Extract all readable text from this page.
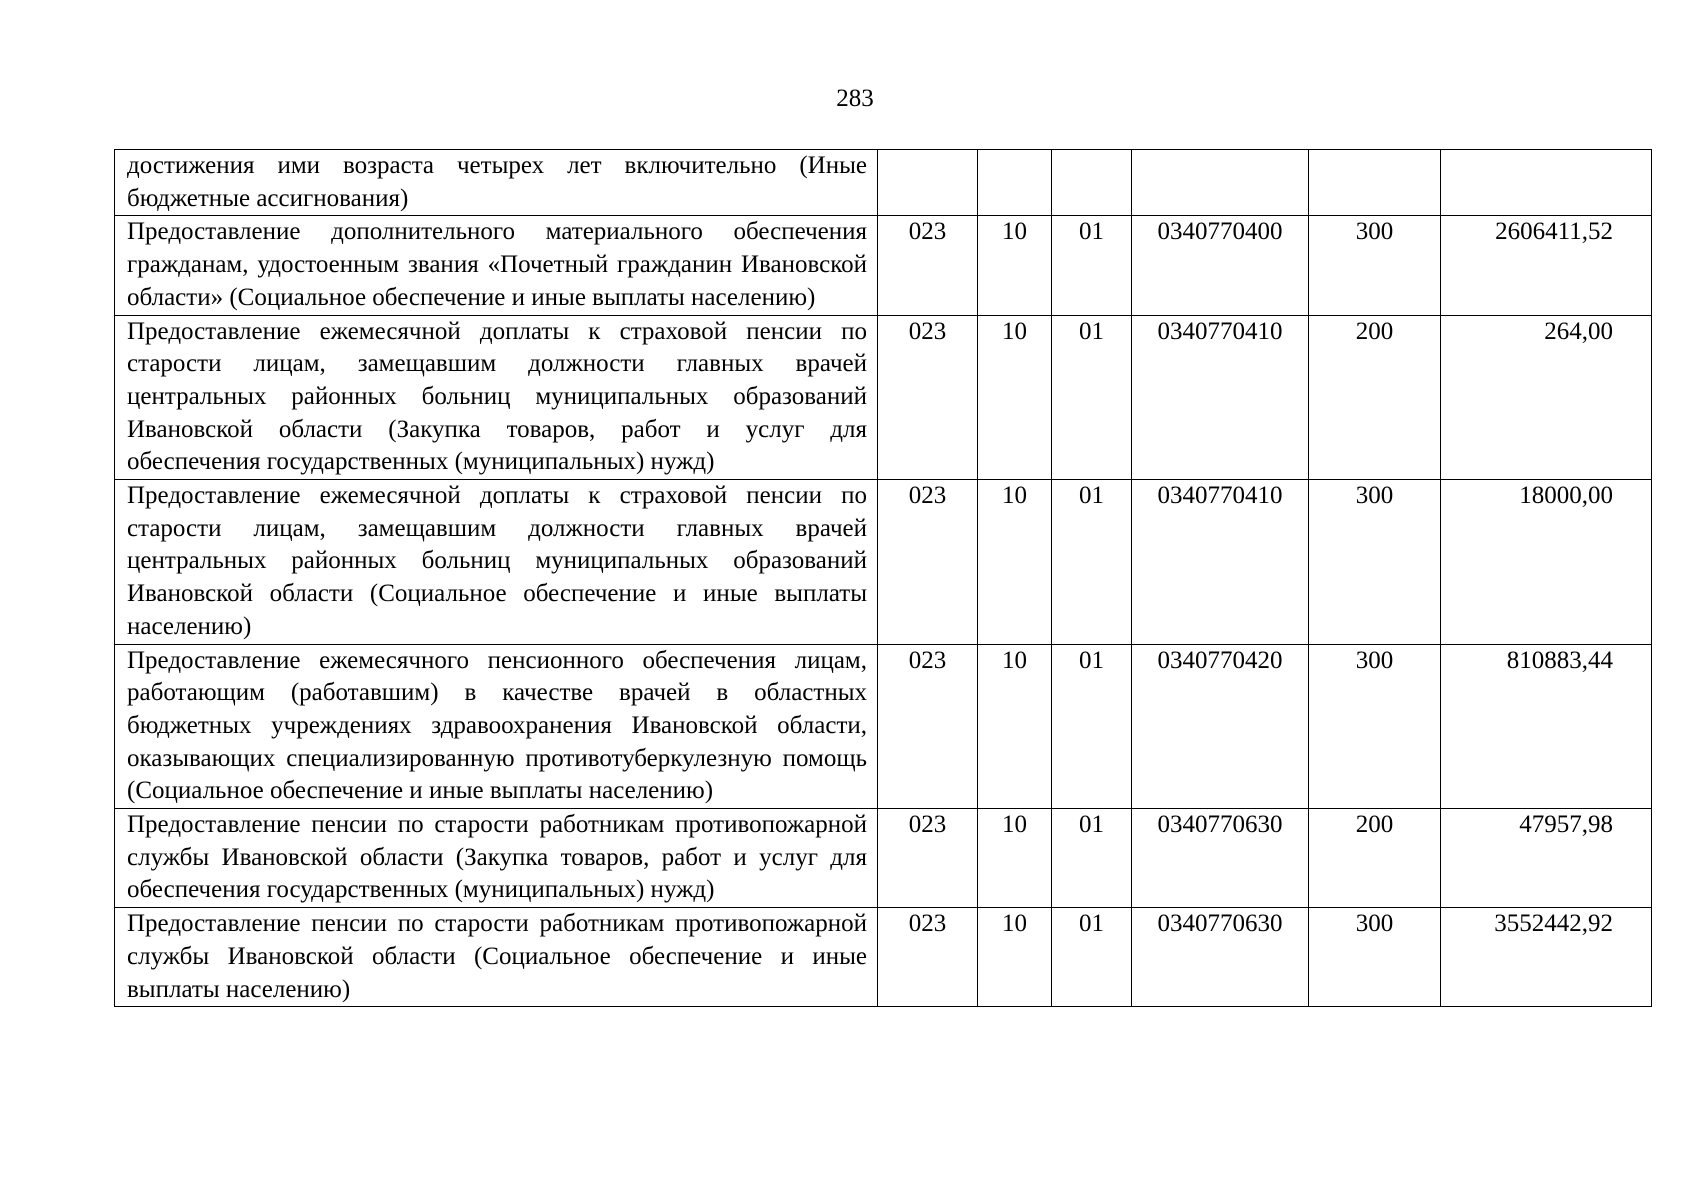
283
достижения ими возраста четырех лет включительно (Иные бюджетные ассигнования)						
Предоставление дополнительного материального обеспечения гражданам, удостоенным звания «Почетный гражданин Ивановской области» (Социальное обеспечение и иные выплаты населению)	023	10	01	0340770400	300	2606411,52
Предоставление ежемесячной доплаты к страховой пенсии по старости лицам, замещавшим должности главных врачей центральных районных больниц муниципальных образований Ивановской области (Закупка товаров, работ и услуг для обеспечения государственных (муниципальных) нужд)	023	10	01	0340770410	200	264,00
Предоставление ежемесячной доплаты к страховой пенсии по старости лицам, замещавшим должности главных врачей центральных районных больниц муниципальных образований Ивановской области (Социальное обеспечение и иные выплаты населению)	023	10	01	0340770410	300	18000,00
Предоставление ежемесячного пенсионного обеспечения лицам, работающим (работавшим) в качестве врачей в областных бюджетных учреждениях здравоохранения Ивановской области, оказывающих специализированную противотуберкулезную помощь (Социальное обеспечение и иные выплаты населению)	023	10	01	0340770420	300	810883,44
Предоставление пенсии по старости работникам противопожарной службы Ивановской области (Закупка товаров, работ и услуг для обеспечения государственных (муниципальных) нужд)	023	10	01	0340770630	200	47957,98
Предоставление пенсии по старости работникам противопожарной службы Ивановской области (Социальное обеспечение и иные выплаты населению)	023	10	01	0340770630	300	3552442,92
